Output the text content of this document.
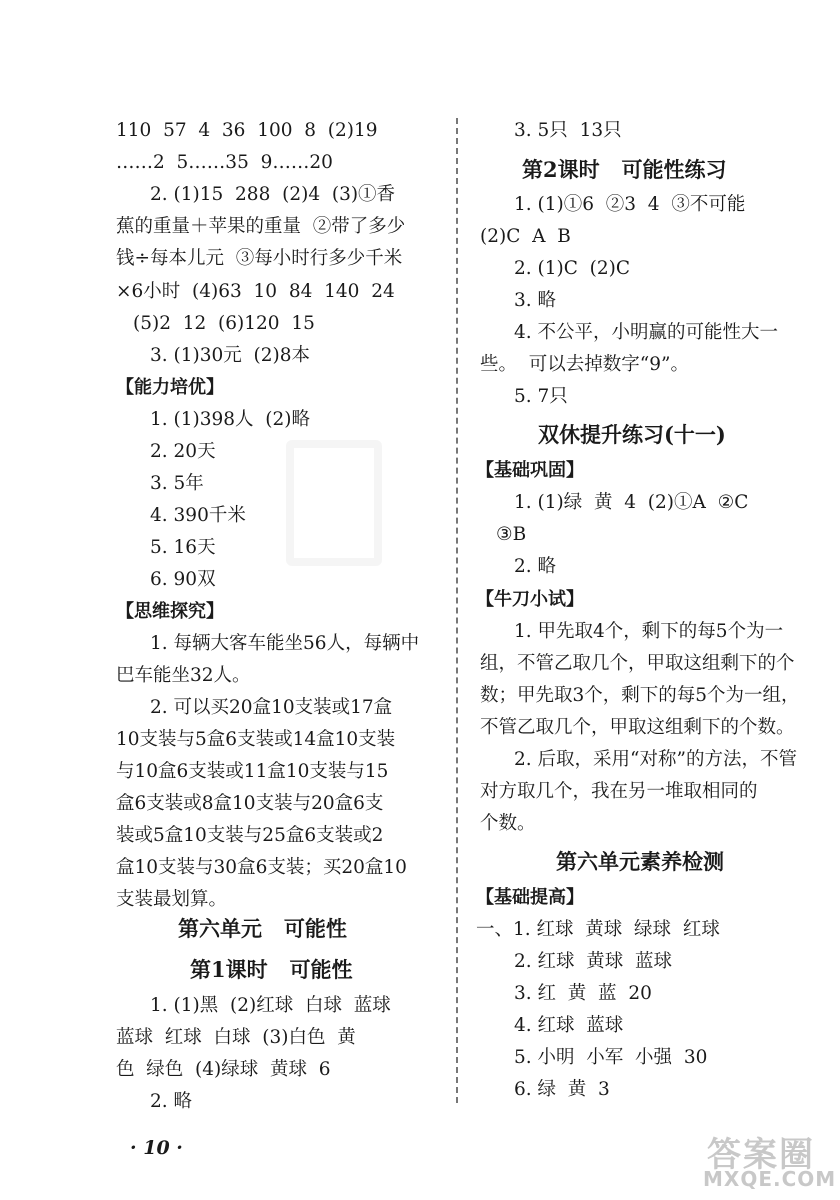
110  57  4  36  100  8  (2)19
……2  5……35  9……20
2. (1)15  288  (2)4  (3)①香
蕉的重量＋苹果的重量  ②带了多少
钱÷每本儿元  ③每小时行多少千米
×6小时  (4)63  10  84  140  24
(5)2  12  (6)120  15
3. (1)30元  (2)8本
【能力培优】
1. (1)398人  (2)略
2. 20天
3. 5年
4. 390千米
5. 16天
6. 90双
【思维探究】
1. 每辆大客车能坐56人，每辆中
巴车能坐32人。
2. 可以买20盒10支装或17盒
10支装与5盒6支装或14盒10支装
与10盒6支装或11盒10支装与15
盒6支装或8盒10支装与20盒6支
装或5盒10支装与25盒6支装或2
盒10支装与30盒6支装；买20盒10
支装最划算。
第六单元   可能性
第1课时   可能性
1. (1)黑  (2)红球  白球  蓝球
蓝球  红球  白球  (3)白色  黄
色  绿色  (4)绿球  黄球  6
2. 略
3. 5只  13只
第2课时   可能性练习
1. (1)①6  ②3  4  ③不可能
(2)C  A  B
2. (1)C  (2)C
3. 略
4. 不公平，小明赢的可能性大一
些。  可以去掉数字“9”。
5. 7只
双休提升练习(十一)
【基础巩固】
1. (1)绿  黄  4  (2)①A  ②C
③B
2. 略
【牛刀小试】
1. 甲先取4个，剩下的每5个为一
组，不管乙取几个，甲取这组剩下的个
数；甲先取3个，剩下的每5个为一组，
不管乙取几个，甲取这组剩下的个数。
2. 后取，采用“对称”的方法，不管
对方取几个，我在另一堆取相同的
个数。
第六单元素养检测
【基础提高】
一、1. 红球  黄球  绿球  红球
2. 红球  黄球  蓝球
3. 红  黄  蓝  20
4. 红球  蓝球
5. 小明  小军  小强  30
6. 绿  黄  3
· 10 ·	答案圈
MXQE.COM
